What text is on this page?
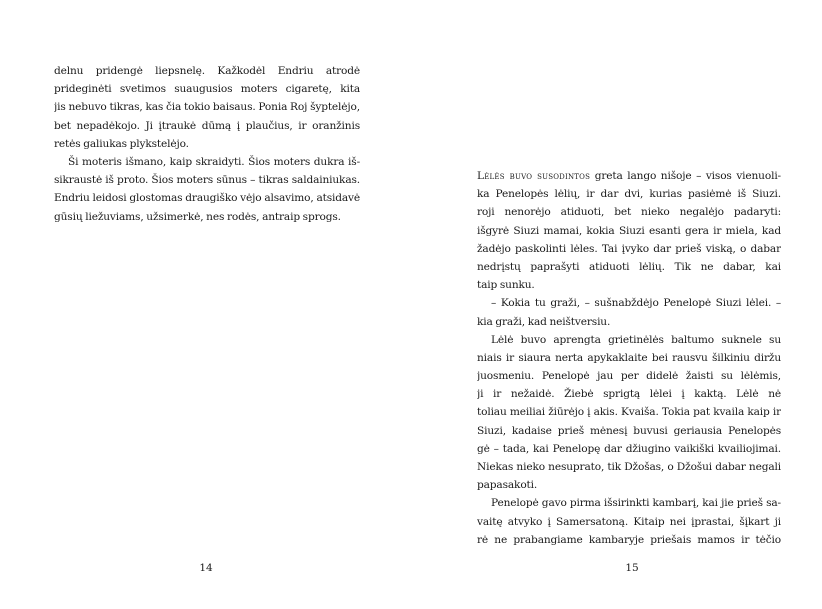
delnu pridengė liepsnelę. Kažkodėl Endriu atrodė
prideginėti svetimos suaugusios moters cigaretę, kita
jis nebuvo tikras, kas čia tokio baisaus. Ponia Roj šyptelėjo,
bet nepadėkojo. Ji įtraukė dūmą į plaučius, ir oranžinis
retės galiukas plykstelėjo.
Ši moteris išmano, kaip skraidyti. Šios moters dukra iš-
sikraustė iš proto. Šios moters sūnus – tikras saldainiukas.
Endriu leidosi glostomas draugiško vėjo alsavimo, atsidavė
gūsių liežuviams, užsimerkė, nes rodės, antraip sprogs.
14
Lėlės buvo susodintos greta lango nišoje – visos vienuoli-
ka Penelopės lėlių, ir dar dvi, kurias pasiėmė iš Siuzi.
roji nenorėjo atiduoti, bet nieko negalėjo padaryti:
išgyrė Siuzi mamai, kokia Siuzi esanti gera ir miela, kad
žadėjo paskolinti lėles. Tai įvyko dar prieš viską, o dabar
nedrįstų paprašyti atiduoti lėlių. Tik ne dabar, kai
taip sunku.
– Kokia tu graži, – sušnabždėjo Penelopė Siuzi lėlei. –
kia graži, kad neištversiu.
Lėlė buvo aprengta grietinėlės baltumo suknele su
niais ir siaura nerta apykaklaite bei rausvu šilkiniu diržu
juosmeniu. Penelopė jau per didelė žaisti su lėlėmis,
ji ir nežaidė. Žiebė sprigtą lėlei į kaktą. Lėlė nė
toliau meiliai žiūrėjo į akis. Kvaiša. Tokia pat kvaila kaip ir
Siuzi, kadaise prieš mėnesį buvusi geriausia Penelopės
gė – tada, kai Penelopę dar džiugino vaikiški kvailiojimai.
Niekas nieko nesuprato, tik Džošas, o Džošui dabar negali
papasakoti.
Penelopė gavo pirma išsirinkti kambarį, kai jie prieš sa-
vaitę atvyko į Samersatoną. Kitaip nei įprastai, šįkart ji
rė ne prabangiame kambaryje priešais mamos ir tėčio
15
